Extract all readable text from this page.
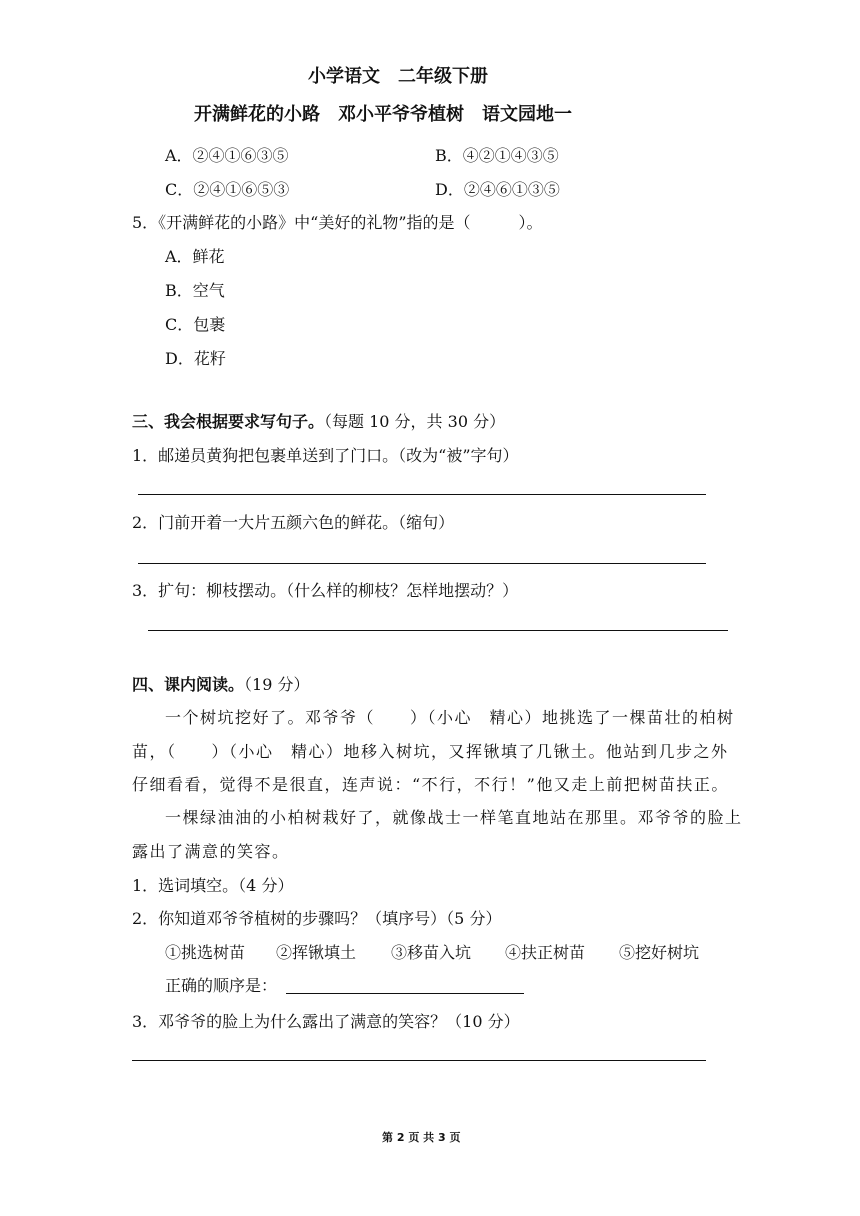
小学语文　二年级下册
开满鲜花的小路　邓小平爷爷植树　语文园地一
A．②④①⑥③⑤	B．④②①④③⑤
C．②④①⑥⑤③	D．②④⑥①③⑤
5．《开满鲜花的小路》中“美好的礼物”指的是（　　　）。
A．鲜花
B．空气
C．包裹
D．花籽
三、我会根据要求写句子。（每题 10 分，共 30 分）
1．邮递员黄狗把包裹单送到了门口。（改为“被”字句）
2．门前开着一大片五颜六色的鲜花。（缩句）
3．扩句：柳枝摆动。（什么样的柳枝？怎样地摆动？）
四、课内阅读。（19 分）
一个树坑挖好了。邓爷爷（　　）（小心　精心）地挑选了一棵苗壮的柏树
苗，（　　）（小心　精心）地移入树坑，又挥锹填了几锹土。他站到几步之外
仔细看看，觉得不是很直，连声说：“不行，不行！”他又走上前把树苗扶正。
一棵绿油油的小柏树栽好了，就像战士一样笔直地站在那里。邓爷爷的脸上
露出了满意的笑容。
1．选词填空。（4 分）
2．你知道邓爷爷植树的步骤吗？（填序号）（5 分）
①挑选树苗 ②挥锹填土 ③移苗入坑 ④扶正树苗 ⑤挖好树坑
正确的顺序是：
3．邓爷爷的脸上为什么露出了满意的笑容？（10 分）
第 2 页 共 3 页
